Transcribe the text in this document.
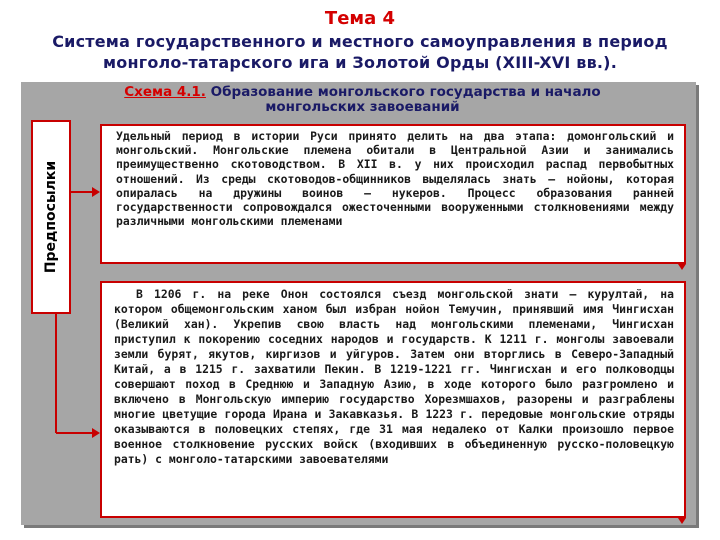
Тема 4
Система государственного и местного самоуправления в период монголо-татарского ига и Золотой Орды (XIII-XVI вв.).
Схема 4.1. Образование монгольского государства и начало монгольских завоеваний
Предпосылки
Удельный период в истории Руси принято делить на два этапа: домонгольский и монгольский. Монгольские племена обитали в Центральной Азии и занимались преимущественно скотоводством. В XII в. у них происходил распад первобытных отношений. Из среды скотоводов-общинников выделялась знать – нойоны, которая опиралась на дружины воинов – нукеров. Процесс образования ранней государственности сопровождался ожесточенными вооруженными столкновениями между различными монгольскими племенами
В 1206 г. на реке Онон состоялся съезд монгольской знати – курултай, на котором общемонгольским ханом был избран нойон Темучин, принявший имя Чингисхан (Великий хан). Укрепив свою власть над монгольскими племенами, Чингисхан приступил к покорению соседних народов и государств. К 1211 г. монголы завоевали земли бурят, якутов, киргизов и уйгуров. Затем они вторглись в Северо-Западный Китай, а в 1215 г. захватили Пекин. В 1219-1221 гг. Чингисхан и его полководцы совершают поход в Среднюю и Западную Азию, в ходе которого было разгромлено и включено в Монгольскую империю государство Хорезмшахов, разорены и разграблены многие цветущие города Ирана и Закавказья. В 1223 г. передовые монгольские отряды оказываются в половецких степях, где 31 мая недалеко от Калки произошло первое военное столкновение русских войск (входивших в объединенную русско-половецкую рать) с монголо-татарскими завоевателями
